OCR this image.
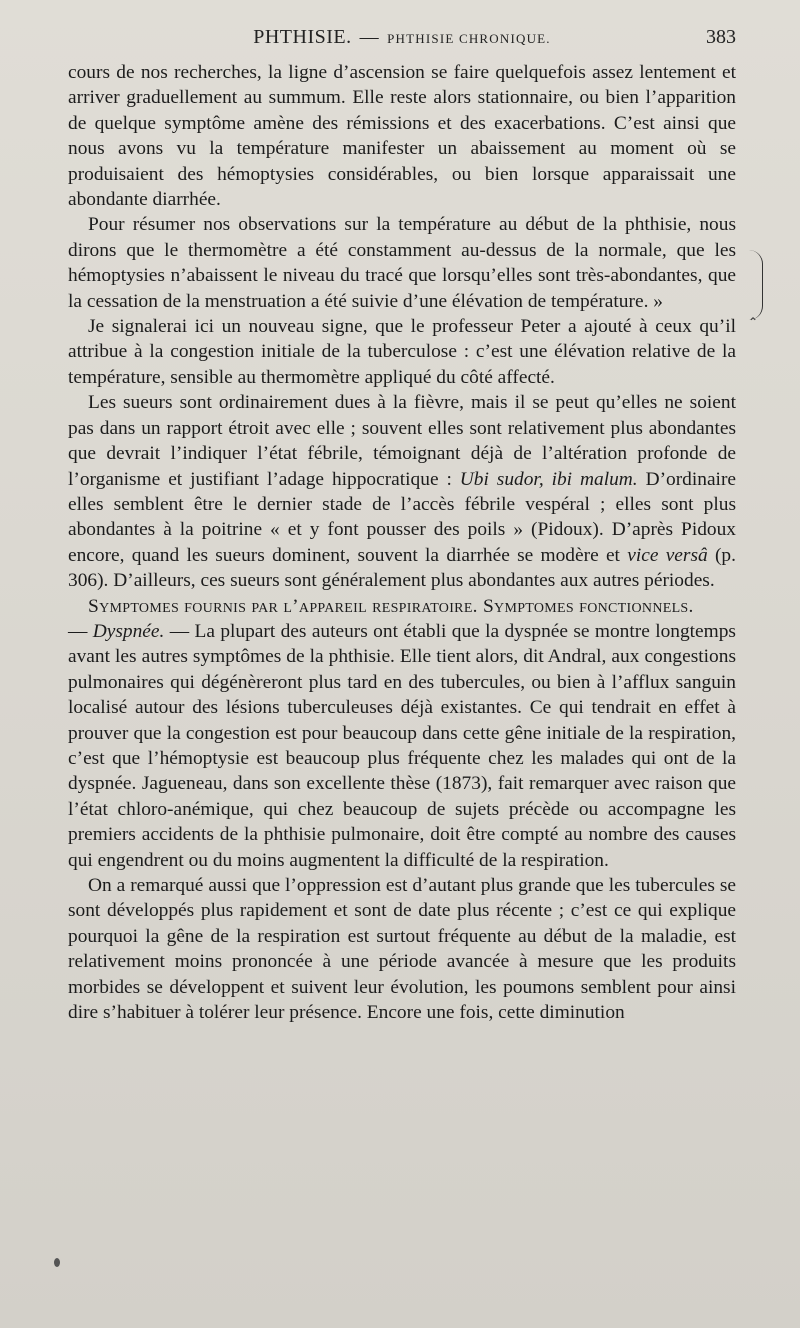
PHTHISIE. — PHTHISIE CHRONIQUE.	383

cours de nos recherches, la ligne d’ascension se faire quelquefois assez lentement et arriver graduellement au summum. Elle reste alors stationnaire, ou bien l’apparition de quelque symptôme amène des rémissions et des exacerbations. C’est ainsi que nous avons vu la température manifester un abaissement au moment où se produisaient des hémoptysies considérables, ou bien lorsque apparaissait une abondante diarrhée.

Pour résumer nos observations sur la température au début de la phthisie, nous dirons que le thermomètre a été constamment au-dessus de la normale, que les hémoptysies n’abaissent le niveau du tracé que lorsqu’elles sont très-abondantes, que la cessation de la menstruation a été suivie d’une élévation de température. »

Je signalerai ici un nouveau signe, que le professeur Peter a ajouté à ceux qu’il attribue à la congestion initiale de la tuberculose : c’est une élévation relative de la température, sensible au thermomètre appliqué du côté affecté.

Les sueurs sont ordinairement dues à la fièvre, mais il se peut qu’elles ne soient pas dans un rapport étroit avec elle ; souvent elles sont relativement plus abondantes que devrait l’indiquer l’état fébrile, témoignant déjà de l’altération profonde de l’organisme et justifiant l’adage hippocratique : Ubi sudor, ibi malum. D’ordinaire elles semblent être le dernier stade de l’accès fébrile vespéral ; elles sont plus abondantes à la poitrine « et y font pousser des poils » (Pidoux). D’après Pidoux encore, quand les sueurs dominent, souvent la diarrhée se modère et vice versâ (p. 306). D’ailleurs, ces sueurs sont généralement plus abondantes aux autres périodes.

Symptomes fournis par l’appareil respiratoire. Symptomes fonctionnels.
— Dyspnée. — La plupart des auteurs ont établi que la dyspnée se montre longtemps avant les autres symptômes de la phthisie. Elle tient alors, dit Andral, aux congestions pulmonaires qui dégénèreront plus tard en des tubercules, ou bien à l’afflux sanguin localisé autour des lésions tuberculeuses déjà existantes. Ce qui tendrait en effet à prouver que la congestion est pour beaucoup dans cette gêne initiale de la respiration, c’est que l’hémoptysie est beaucoup plus fréquente chez les malades qui ont de la dyspnée. Jagueneau, dans son excellente thèse (1873), fait remarquer avec raison que l’état chloro-anémique, qui chez beaucoup de sujets précède ou accompagne les premiers accidents de la phthisie pulmonaire, doit être compté au nombre des causes qui engendrent ou du moins augmentent la difficulté de la respiration.

On a remarqué aussi que l’oppression est d’autant plus grande que les tubercules se sont développés plus rapidement et sont de date plus récente ; c’est ce qui explique pourquoi la gêne de la respiration est surtout fréquente au début de la maladie, est relativement moins prononcée à une période avancée à mesure que les produits morbides se développent et suivent leur évolution, les poumons semblent pour ainsi dire s’habituer à tolérer leur présence. Encore une fois, cette diminution

⌃
